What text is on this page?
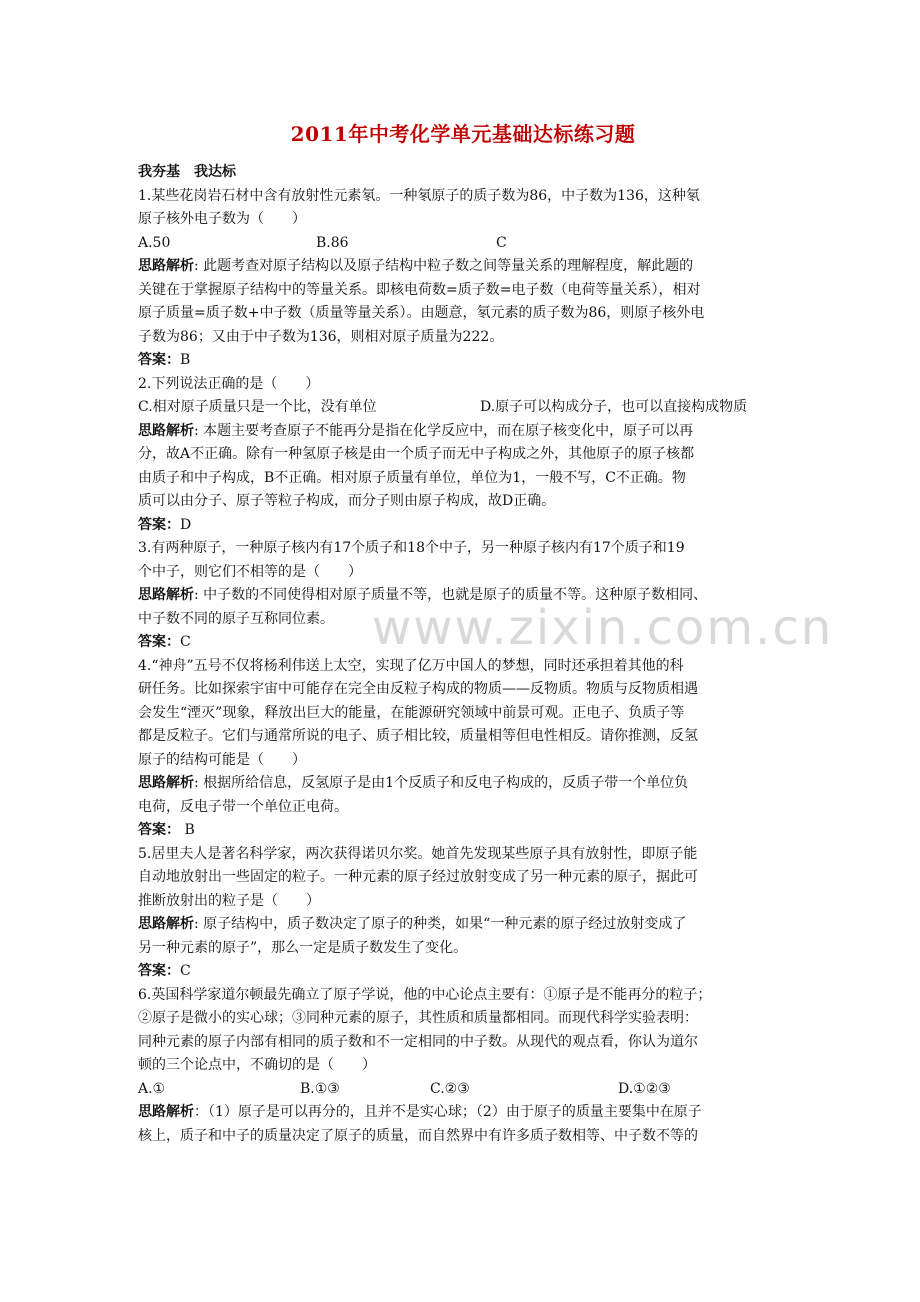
2011年中考化学单元基础达标练习题
我夯基　我达标
1.某些花岗岩石材中含有放射性元素氡。一种氡原子的质子数为86，中子数为136，这种氡
原子核外电子数为（　　）
A.50	B.86	C
思路解析: 此题考查对原子结构以及原子结构中粒子数之间等量关系的理解程度，解此题的
关键在于掌握原子结构中的等量关系。即核电荷数=质子数=电子数（电荷等量关系），相对
原子质量=质子数+中子数（质量等量关系）。由题意，氡元素的质子数为86，则原子核外电
子数为86；又由于中子数为136，则相对原子质量为222。
答案：B
2.下列说法正确的是（　　）
C.相对原子质量只是一个比，没有单位	D.原子可以构成分子，也可以直接构成物质
思路解析: 本题主要考查原子不能再分是指在化学反应中，而在原子核变化中，原子可以再
分，故A不正确。除有一种氢原子核是由一个质子而无中子构成之外，其他原子的原子核都
由质子和中子构成，B不正确。相对原子质量有单位，单位为1，一般不写，C不正确。物
质可以由分子、原子等粒子构成，而分子则由原子构成，故D正确。
答案：D
3.有两种原子，一种原子核内有17个质子和18个中子，另一种原子核内有17个质子和19
个中子，则它们不相等的是（　　）
思路解析: 中子数的不同使得相对原子质量不等，也就是原子的质量不等。这种原子数相同、
中子数不同的原子互称同位素。
答案：C
4.“神舟”五号不仅将杨利伟送上太空，实现了亿万中国人的梦想，同时还承担着其他的科
研任务。比如探索宇宙中可能存在完全由反粒子构成的物质——反物质。物质与反物质相遇
会发生“湮灭”现象，释放出巨大的能量，在能源研究领域中前景可观。正电子、负质子等
都是反粒子。它们与通常所说的电子、质子相比较，质量相等但电性相反。请你推测，反氢
原子的结构可能是（　　）
思路解析: 根据所给信息，反氢原子是由1个反质子和反电子构成的，反质子带一个单位负
电荷，反电子带一个单位正电荷。
答案： B
5.居里夫人是著名科学家，两次获得诺贝尔奖。她首先发现某些原子具有放射性，即原子能
自动地放射出一些固定的粒子。一种元素的原子经过放射变成了另一种元素的原子，据此可
推断放射出的粒子是（　　）
思路解析: 原子结构中，质子数决定了原子的种类，如果“一种元素的原子经过放射变成了
另一种元素的原子”，那么一定是质子数发生了变化。
答案：C
6.英国科学家道尔顿最先确立了原子学说，他的中心论点主要有：①原子是不能再分的粒子；
②原子是微小的实心球；③同种元素的原子，其性质和质量都相同。而现代科学实验表明：
同种元素的原子内部有相同的质子数和不一定相同的中子数。从现代的观点看，你认为道尔
顿的三个论点中，不确切的是（　　）
A.①	B.①③	C.②③	D.①②③
思路解析：（1）原子是可以再分的，且并不是实心球；（2）由于原子的质量主要集中在原子
核上，质子和中子的质量决定了原子的质量，而自然界中有许多质子数相等、中子数不等的
www.zixin.com.cn
